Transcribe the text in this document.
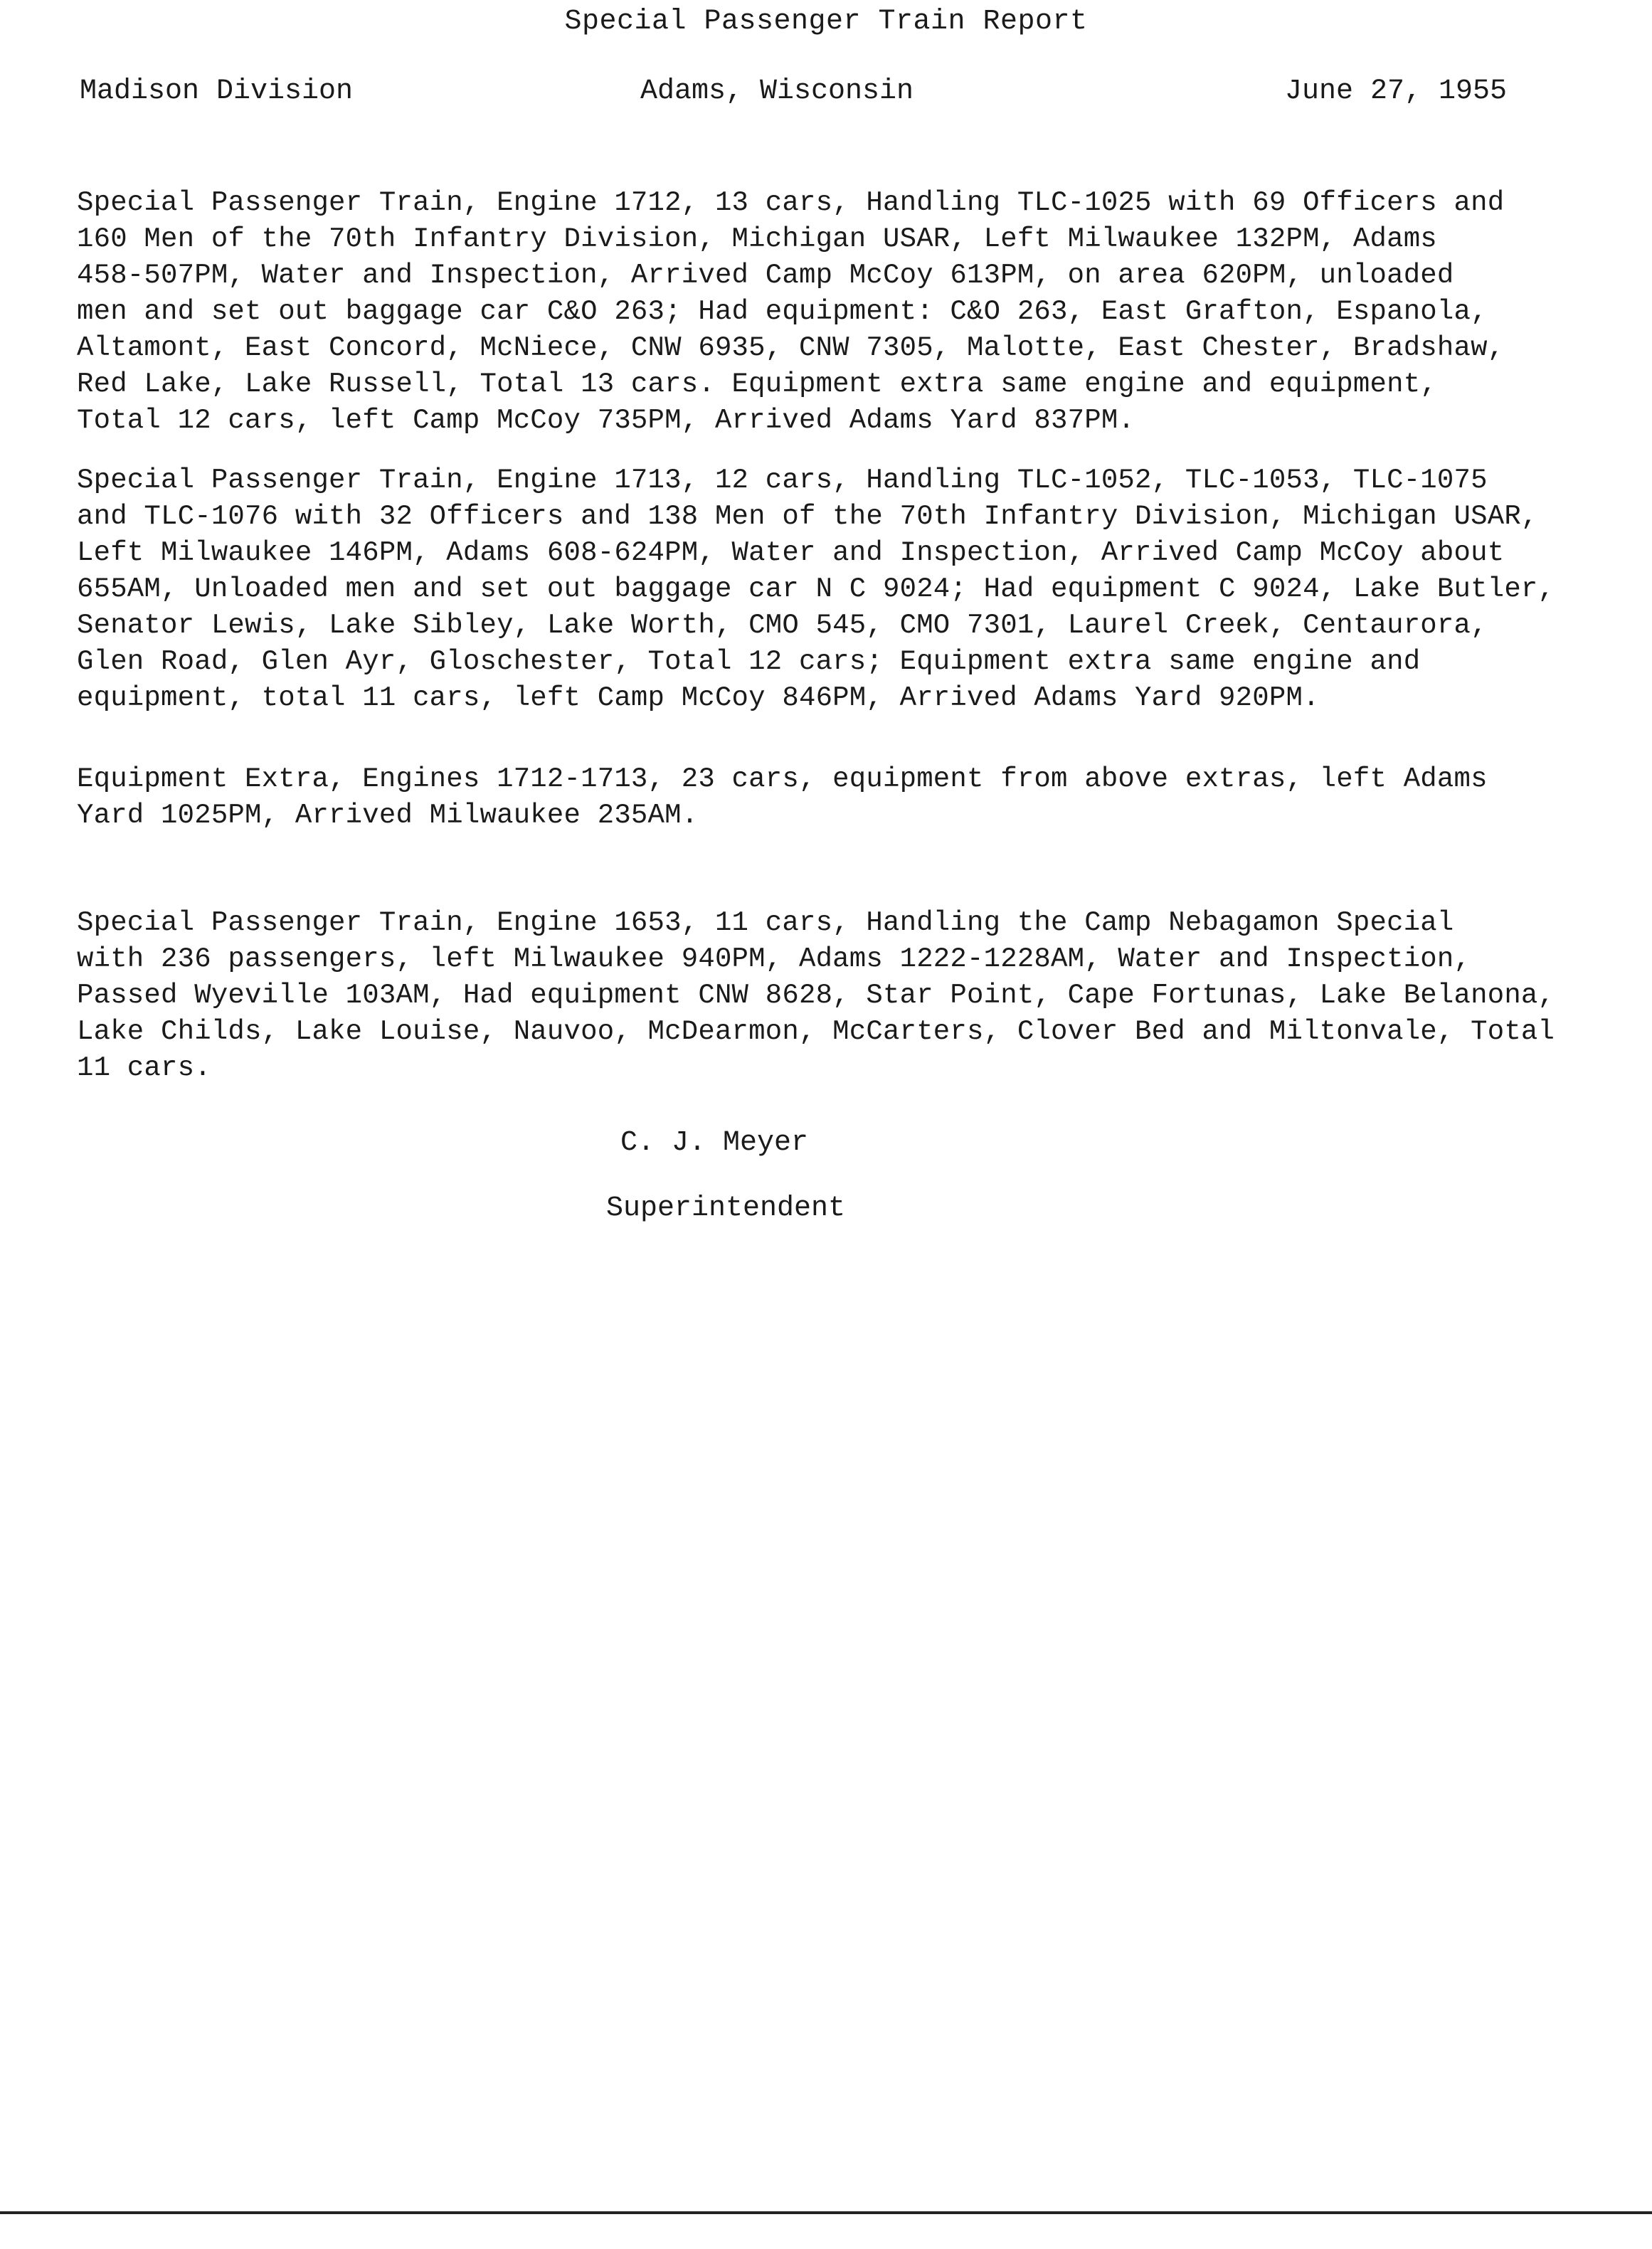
Special Passenger Train Report
Madison Division	Adams, Wisconsin	June 27, 1955

Special Passenger Train, Engine 1712, 13 cars, Handling TLC-1025 with 69 Officers and
160 Men of the 70th Infantry Division, Michigan USAR, Left Milwaukee 132PM, Adams
458-507PM, Water and Inspection, Arrived Camp McCoy 613PM, on area 620PM, unloaded
men and set out baggage car C&O 263; Had equipment: C&O 263, East Grafton, Espanola,
Altamont, East Concord, McNiece, CNW 6935, CNW 7305, Malotte, East Chester, Bradshaw,
Red Lake, Lake Russell, Total 13 cars. Equipment extra same engine and equipment,
Total 12 cars, left Camp McCoy 735PM, Arrived Adams Yard 837PM.

Special Passenger Train, Engine 1713, 12 cars, Handling TLC-1052, TLC-1053, TLC-1075
and TLC-1076 with 32 Officers and 138 Men of the 70th Infantry Division, Michigan USAR,
Left Milwaukee 146PM, Adams 608-624PM, Water and Inspection, Arrived Camp McCoy about
655AM, Unloaded men and set out baggage car N C 9024; Had equipment C 9024, Lake Butler,
Senator Lewis, Lake Sibley, Lake Worth, CMO 545, CMO 7301, Laurel Creek, Centaurora,
Glen Road, Glen Ayr, Gloschester, Total 12 cars; Equipment extra same engine and
equipment, total 11 cars, left Camp McCoy 846PM, Arrived Adams Yard 920PM.

Equipment Extra, Engines 1712-1713, 23 cars, equipment from above extras, left Adams
Yard 1025PM, Arrived Milwaukee 235AM.

Special Passenger Train, Engine 1653, 11 cars, Handling the Camp Nebagamon Special
with 236 passengers, left Milwaukee 940PM, Adams 1222-1228AM, Water and Inspection,
Passed Wyeville 103AM, Had equipment CNW 8628, Star Point, Cape Fortunas, Lake Belanona,
Lake Childs, Lake Louise, Nauvoo, McDearmon, McCarters, Clover Bed and Miltonvale, Total
11 cars.

C. J. Meyer
Superintendent
